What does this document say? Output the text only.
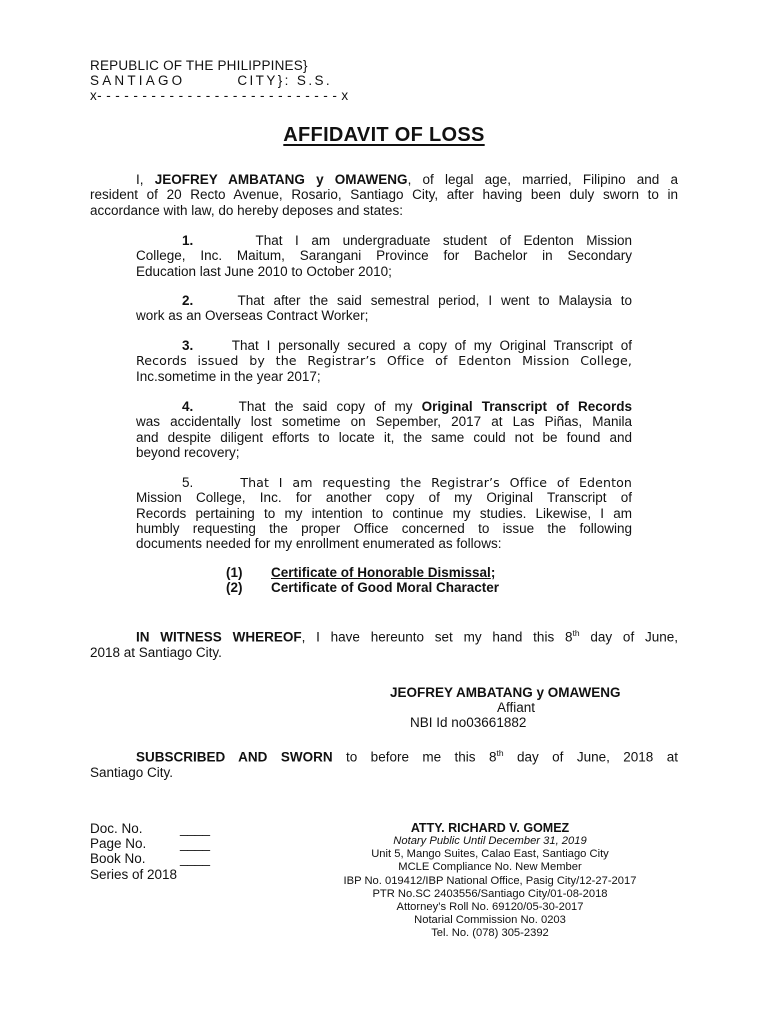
REPUBLIC OF THE PHILIPPINES}
SANTIAGO	CITY}: S.S.
x- - - - - - - - - - - - - - - - - - - - - - - - - - - x
AFFIDAVIT OF LOSS
I, JEOFREY AMBATANG y OMAWENG, of legal age, married, Filipino and a
resident of 20 Recto Avenue, Rosario, Santiago City, after having been duly sworn to in
accordance with law, do hereby deposes and states:
1.	That I am undergraduate student of Edenton Mission
College, Inc. Maitum, Sarangani Province for Bachelor in Secondary
Education last June 2010 to October 2010;
2.	That after the said semestral period, I went to Malaysia to
work as an Overseas Contract Worker;
3.	That I personally secured a copy of my Original Transcript of
Records issued by the Registrar’s Office of Edenton Mission College,
Inc.sometime in the year 2017;
4.	That the said copy of my Original Transcript of Records
was accidentally lost sometime on Sepember, 2017 at Las Piñas, Manila
and despite diligent efforts to locate it, the same could not be found and
beyond recovery;
5.	That I am requesting the Registrar’s Office of Edenton
Mission College, Inc. for another copy of my Original Transcript of
Records pertaining to my intention to continue my studies. Likewise, I am
humbly requesting the proper Office concerned to issue the following
documents needed for my enrollment enumerated as follows:
(1) Certificate of Honorable Dismissal;
(2) Certificate of Good Moral Character
IN WITNESS WHEREOF, I have hereunto set my hand this 8th day of June,
2018 at Santiago City.
JEOFREY AMBATANG y OMAWENG
Affiant
NBI Id no03661882
SUBSCRIBED AND SWORN to before me this 8th day of June, 2018 at
Santiago City.
Doc. No.	____
Page No. ____
Book No.	____
Series of 2018
ATTY. RICHARD V. GOMEZ
Notary Public Until December 31, 2019
Unit 5, Mango Suites, Calao East, Santiago City
MCLE Compliance No. New Member
IBP No. 019412/IBP National Office, Pasig City/12-27-2017
PTR No.SC 2403556/Santiago City/01-08-2018
Attorney’s Roll No. 69120/05-30-2017
Notarial Commission No. 0203
Tel. No. (078) 305-2392
